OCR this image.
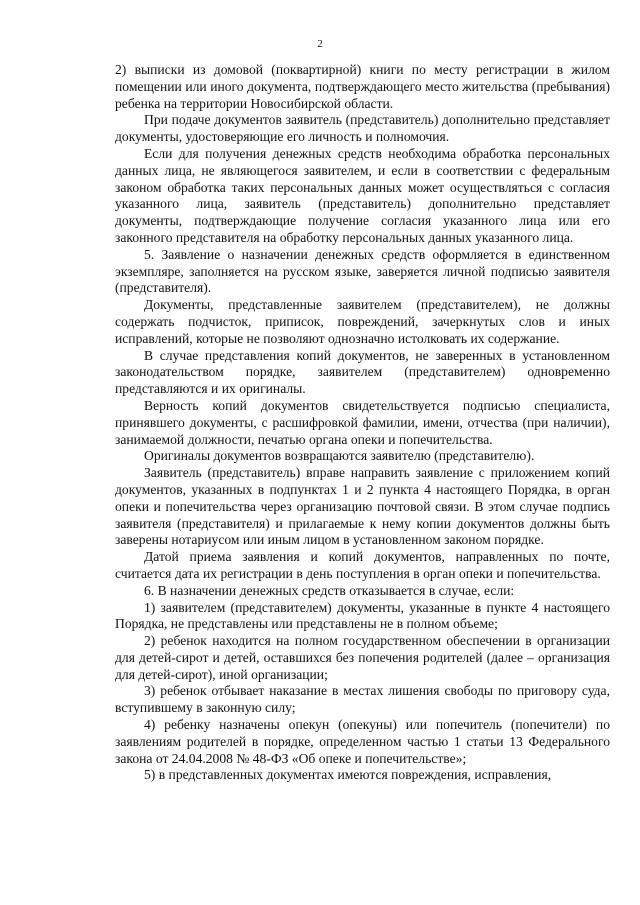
2

2) выписки из домовой (поквартирной) книги по месту регистрации в жилом помещении или иного документа, подтверждающего место жительства (пребывания) ребенка на территории Новосибирской области.

При подаче документов заявитель (представитель) дополнительно представляет документы, удостоверяющие его личность и полномочия.

Если для получения денежных средств необходима обработка персональных данных лица, не являющегося заявителем, и если в соответствии с федеральным законом обработка таких персональных данных может осуществляться с согласия указанного лица, заявитель (представитель) дополнительно представляет документы, подтверждающие получение согласия указанного лица или его законного представителя на обработку персональных данных указанного лица.

5. Заявление о назначении денежных средств оформляется в единственном экземпляре, заполняется на русском языке, заверяется личной подписью заявителя (представителя).

Документы, представленные заявителем (представителем), не должны содержать подчисток, приписок, повреждений, зачеркнутых слов и иных исправлений, которые не позволяют однозначно истолковать их содержание.

В случае представления копий документов, не заверенных в установленном законодательством порядке, заявителем (представителем) одновременно представляются и их оригиналы.

Верность копий документов свидетельствуется подписью специалиста, принявшего документы, с расшифровкой фамилии, имени, отчества (при наличии), занимаемой должности, печатью органа опеки и попечительства.

Оригиналы документов возвращаются заявителю (представителю).

Заявитель (представитель) вправе направить заявление с приложением копий документов, указанных в подпунктах 1 и 2 пункта 4 настоящего Порядка, в орган опеки и попечительства через организацию почтовой связи. В этом случае подпись заявителя (представителя) и прилагаемые к нему копии документов должны быть заверены нотариусом или иным лицом в установленном законом порядке.

Датой приема заявления и копий документов, направленных по почте, считается дата их регистрации в день поступления в орган опеки и попечительства.

6. В назначении денежных средств отказывается в случае, если:

1) заявителем (представителем) документы, указанные в пункте 4 настоящего Порядка, не представлены или представлены не в полном объеме;

2) ребенок находится на полном государственном обеспечении в организации для детей-сирот и детей, оставшихся без попечения родителей (далее – организация для детей-сирот), иной организации;

3) ребенок отбывает наказание в местах лишения свободы по приговору суда, вступившему в законную силу;

4) ребенку назначены опекун (опекуны) или попечитель (попечители) по заявлениям родителей в порядке, определенном частью 1 статьи 13 Федерального закона от 24.04.2008 № 48-ФЗ «Об опеке и попечительстве»;

5) в представленных документах имеются повреждения, исправления,
